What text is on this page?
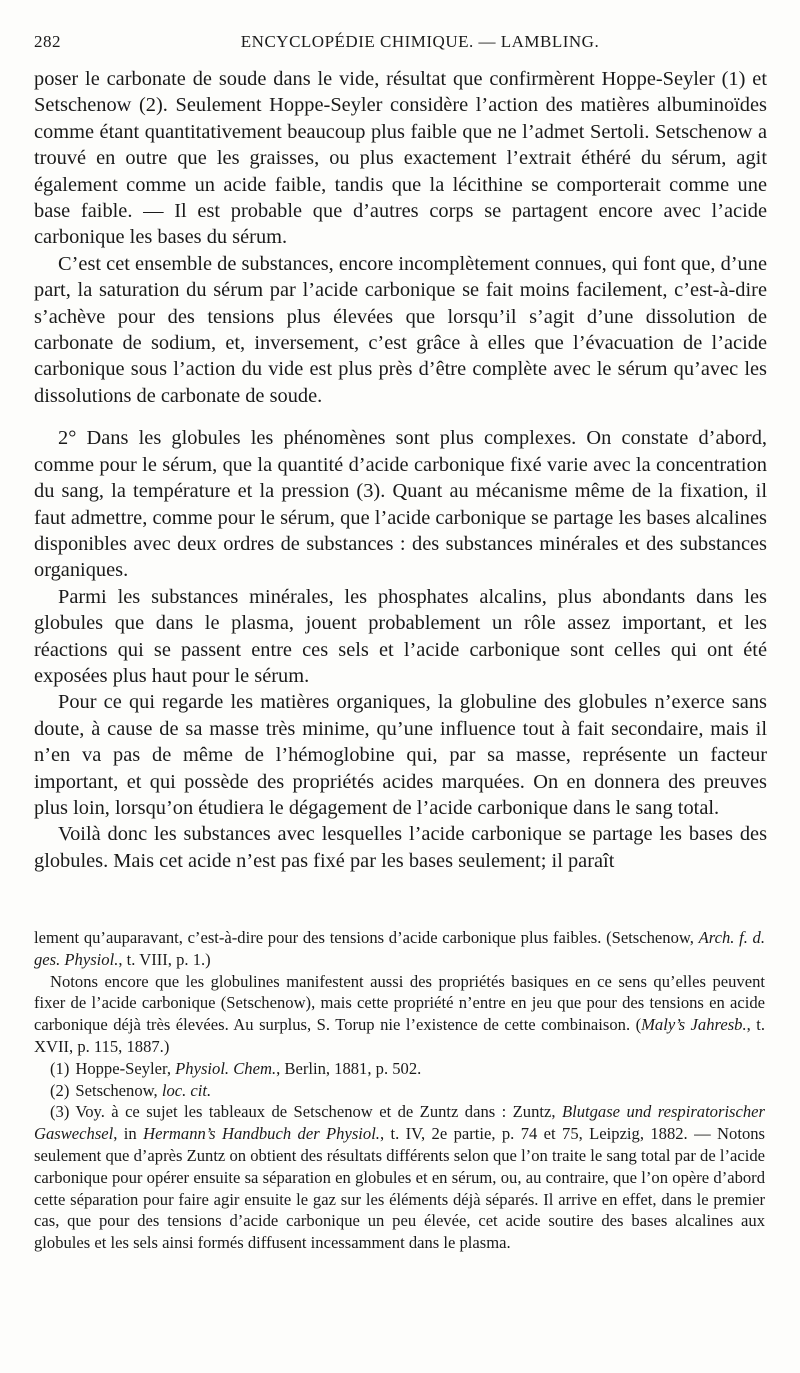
282	ENCYCLOPÉDIE CHIMIQUE. — LAMBLING.

poser le carbonate de soude dans le vide, résultat que confirmèrent Hoppe-Seyler (1) et Setschenow (2). Seulement Hoppe-Seyler considère l’action des matières albuminoïdes comme étant quantitativement beaucoup plus faible que ne l’admet Sertoli. Setschenow a trouvé en outre que les graisses, ou plus exactement l’extrait éthéré du sérum, agit également comme un acide faible, tandis que la lécithine se comporterait comme une base faible. — Il est probable que d’autres corps se partagent encore avec l’acide carbonique les bases du sérum.

C’est cet ensemble de substances, encore incomplètement connues, qui font que, d’une part, la saturation du sérum par l’acide carbonique se fait moins facilement, c’est-à-dire s’achève pour des tensions plus élevées que lorsqu’il s’agit d’une dissolution de carbonate de sodium, et, inversement, c’est grâce à elles que l’évacuation de l’acide carbonique sous l’action du vide est plus près d’être complète avec le sérum qu’avec les dissolutions de carbonate de soude.

2° Dans les globules les phénomènes sont plus complexes. On constate d’abord, comme pour le sérum, que la quantité d’acide carbonique fixé varie avec la concentration du sang, la température et la pression (3). Quant au mécanisme même de la fixation, il faut admettre, comme pour le sérum, que l’acide carbonique se partage les bases alcalines disponibles avec deux ordres de substances : des substances minérales et des substances organiques.

Parmi les substances minérales, les phosphates alcalins, plus abondants dans les globules que dans le plasma, jouent probablement un rôle assez important, et les réactions qui se passent entre ces sels et l’acide carbonique sont celles qui ont été exposées plus haut pour le sérum.

Pour ce qui regarde les matières organiques, la globuline des globules n’exerce sans doute, à cause de sa masse très minime, qu’une influence tout à fait secondaire, mais il n’en va pas de même de l’hémoglobine qui, par sa masse, représente un facteur important, et qui possède des propriétés acides marquées. On en donnera des preuves plus loin, lorsqu’on étudiera le dégagement de l’acide carbonique dans le sang total.

Voilà donc les substances avec lesquelles l’acide carbonique se partage les bases des globules. Mais cet acide n’est pas fixé par les bases seulement; il paraît

lement qu’auparavant, c’est-à-dire pour des tensions d’acide carbonique plus faibles. (Setschenow, Arch. f. d. ges. Physiol., t. VIII, p. 1.)

Notons encore que les globulines manifestent aussi des propriétés basiques en ce sens qu’elles peuvent fixer de l’acide carbonique (Setschenow), mais cette propriété n’entre en jeu que pour des tensions en acide carbonique déjà très élevées. Au surplus, S. Torup nie l’existence de cette combinaison. (Maly’s Jahresb., t. XVII, p. 115, 1887.)

(1) Hoppe-Seyler, Physiol. Chem., Berlin, 1881, p. 502.

(2) Setschenow, loc. cit.

(3) Voy. à ce sujet les tableaux de Setschenow et de Zuntz dans : Zuntz, Blutgase und respiratorischer Gaswechsel, in Hermann’s Handbuch der Physiol., t. IV, 2e partie, p. 74 et 75, Leipzig, 1882. — Notons seulement que d’après Zuntz on obtient des résultats différents selon que l’on traite le sang total par de l’acide carbonique pour opérer ensuite sa séparation en globules et en sérum, ou, au contraire, que l’on opère d’abord cette séparation pour faire agir ensuite le gaz sur les éléments déjà séparés. Il arrive en effet, dans le premier cas, que pour des tensions d’acide carbonique un peu élevée, cet acide soutire des bases alcalines aux globules et les sels ainsi formés diffusent incessamment dans le plasma.
